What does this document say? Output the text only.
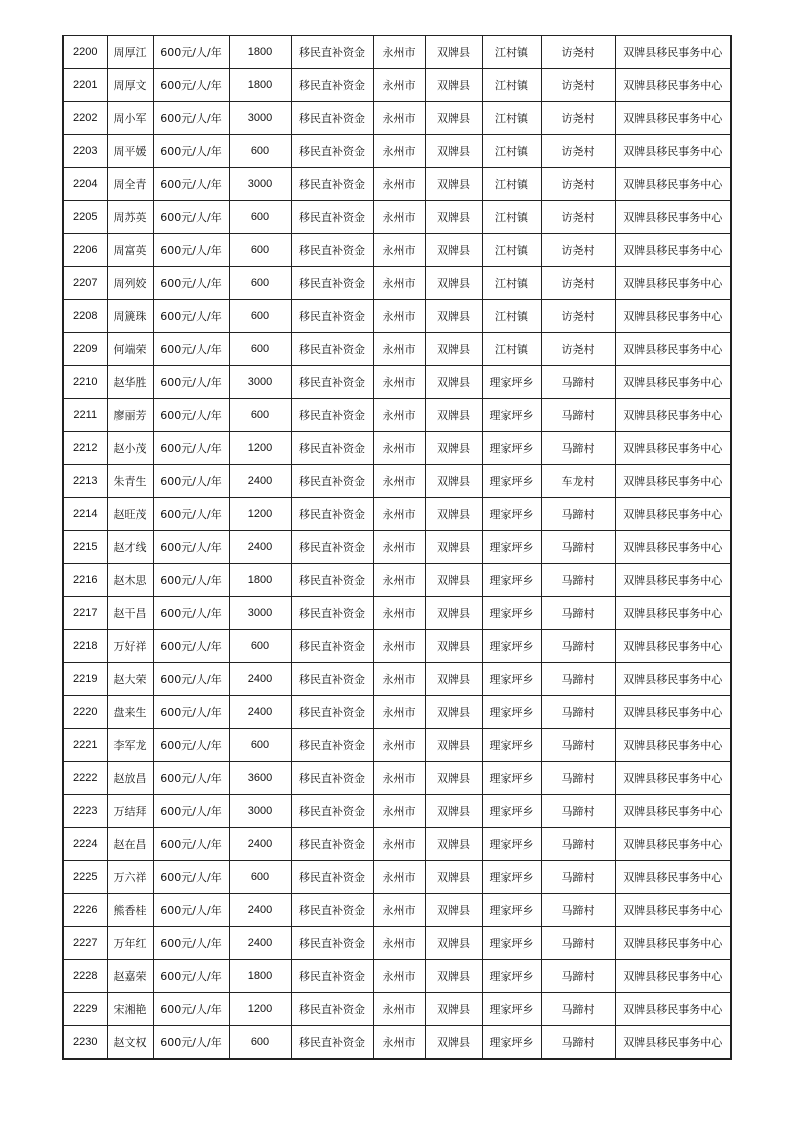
2200	周厚江	600元/人/年	1800	移民直补资金	永州市	双牌县	江村镇	访尧村	双牌县移民事务中心
2201	周厚文	600元/人/年	1800	移民直补资金	永州市	双牌县	江村镇	访尧村	双牌县移民事务中心
2202	周小军	600元/人/年	3000	移民直补资金	永州市	双牌县	江村镇	访尧村	双牌县移民事务中心
2203	周平媛	600元/人/年	600	移民直补资金	永州市	双牌县	江村镇	访尧村	双牌县移民事务中心
2204	周全青	600元/人/年	3000	移民直补资金	永州市	双牌县	江村镇	访尧村	双牌县移民事务中心
2205	周苏英	600元/人/年	600	移民直补资金	永州市	双牌县	江村镇	访尧村	双牌县移民事务中心
2206	周富英	600元/人/年	600	移民直补资金	永州市	双牌县	江村镇	访尧村	双牌县移民事务中心
2207	周列姣	600元/人/年	600	移民直补资金	永州市	双牌县	江村镇	访尧村	双牌县移民事务中心
2208	周篪珠	600元/人/年	600	移民直补资金	永州市	双牌县	江村镇	访尧村	双牌县移民事务中心
2209	何端荣	600元/人/年	600	移民直补资金	永州市	双牌县	江村镇	访尧村	双牌县移民事务中心
2210	赵华胜	600元/人/年	3000	移民直补资金	永州市	双牌县	理家坪乡	马蹄村	双牌县移民事务中心
2211	廖丽芳	600元/人/年	600	移民直补资金	永州市	双牌县	理家坪乡	马蹄村	双牌县移民事务中心
2212	赵小茂	600元/人/年	1200	移民直补资金	永州市	双牌县	理家坪乡	马蹄村	双牌县移民事务中心
2213	朱青生	600元/人/年	2400	移民直补资金	永州市	双牌县	理家坪乡	车龙村	双牌县移民事务中心
2214	赵旺茂	600元/人/年	1200	移民直补资金	永州市	双牌县	理家坪乡	马蹄村	双牌县移民事务中心
2215	赵才线	600元/人/年	2400	移民直补资金	永州市	双牌县	理家坪乡	马蹄村	双牌县移民事务中心
2216	赵木思	600元/人/年	1800	移民直补资金	永州市	双牌县	理家坪乡	马蹄村	双牌县移民事务中心
2217	赵干昌	600元/人/年	3000	移民直补资金	永州市	双牌县	理家坪乡	马蹄村	双牌县移民事务中心
2218	万好祥	600元/人/年	600	移民直补资金	永州市	双牌县	理家坪乡	马蹄村	双牌县移民事务中心
2219	赵大荣	600元/人/年	2400	移民直补资金	永州市	双牌县	理家坪乡	马蹄村	双牌县移民事务中心
2220	盘来生	600元/人/年	2400	移民直补资金	永州市	双牌县	理家坪乡	马蹄村	双牌县移民事务中心
2221	李军龙	600元/人/年	600	移民直补资金	永州市	双牌县	理家坪乡	马蹄村	双牌县移民事务中心
2222	赵放昌	600元/人/年	3600	移民直补资金	永州市	双牌县	理家坪乡	马蹄村	双牌县移民事务中心
2223	万结拜	600元/人/年	3000	移民直补资金	永州市	双牌县	理家坪乡	马蹄村	双牌县移民事务中心
2224	赵在昌	600元/人/年	2400	移民直补资金	永州市	双牌县	理家坪乡	马蹄村	双牌县移民事务中心
2225	万六祥	600元/人/年	600	移民直补资金	永州市	双牌县	理家坪乡	马蹄村	双牌县移民事务中心
2226	熊香桂	600元/人/年	2400	移民直补资金	永州市	双牌县	理家坪乡	马蹄村	双牌县移民事务中心
2227	万年红	600元/人/年	2400	移民直补资金	永州市	双牌县	理家坪乡	马蹄村	双牌县移民事务中心
2228	赵嘉荣	600元/人/年	1800	移民直补资金	永州市	双牌县	理家坪乡	马蹄村	双牌县移民事务中心
2229	宋湘艳	600元/人/年	1200	移民直补资金	永州市	双牌县	理家坪乡	马蹄村	双牌县移民事务中心
2230	赵文权	600元/人/年	600	移民直补资金	永州市	双牌县	理家坪乡	马蹄村	双牌县移民事务中心
